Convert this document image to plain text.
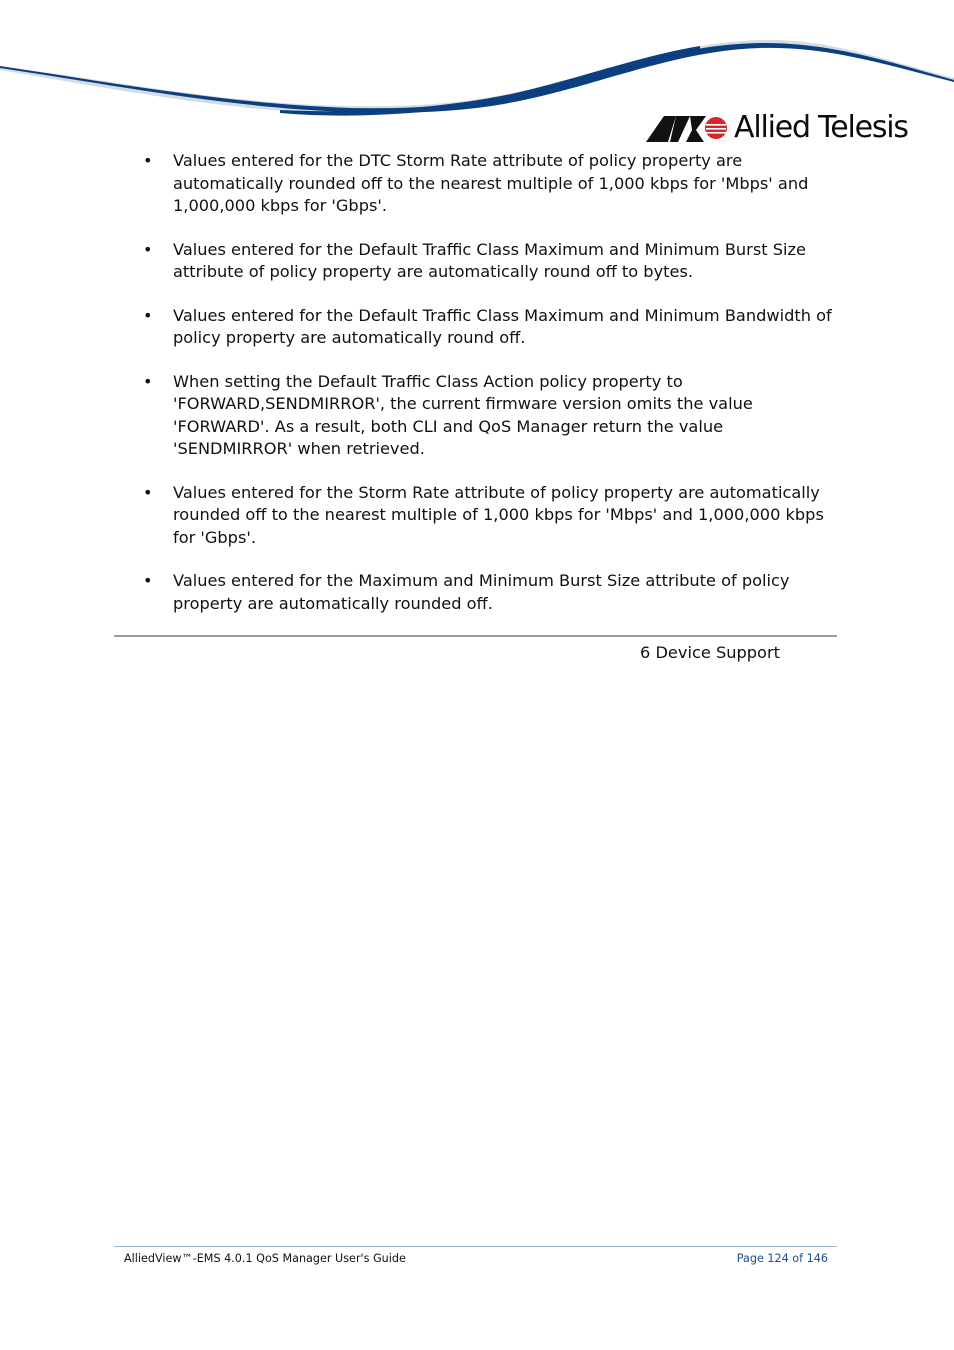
Allied Telesis
• Values entered for the DTC Storm Rate attribute of policy property are automatically rounded off to the nearest multiple of 1,000 kbps for 'Mbps' and 1,000,000 kbps for 'Gbps'.
• Values entered for the Default Traffic Class Maximum and Minimum Burst Size attribute of policy property are automatically round off to bytes.
• Values entered for the Default Traffic Class Maximum and Minimum Bandwidth of policy property are automatically round off.
• When setting the Default Traffic Class Action policy property to 'FORWARD,SENDMIRROR', the current firmware version omits the value 'FORWARD'. As a result, both CLI and QoS Manager return the value 'SENDMIRROR' when retrieved.
• Values entered for the Storm Rate attribute of policy property are automatically rounded off to the nearest multiple of 1,000 kbps for 'Mbps' and 1,000,000 kbps for 'Gbps'.
• Values entered for the Maximum and Minimum Burst Size attribute of policy property are automatically rounded off.
6 Device Support
AlliedView™-EMS 4.0.1 QoS Manager User's Guide	Page 124 of 146
